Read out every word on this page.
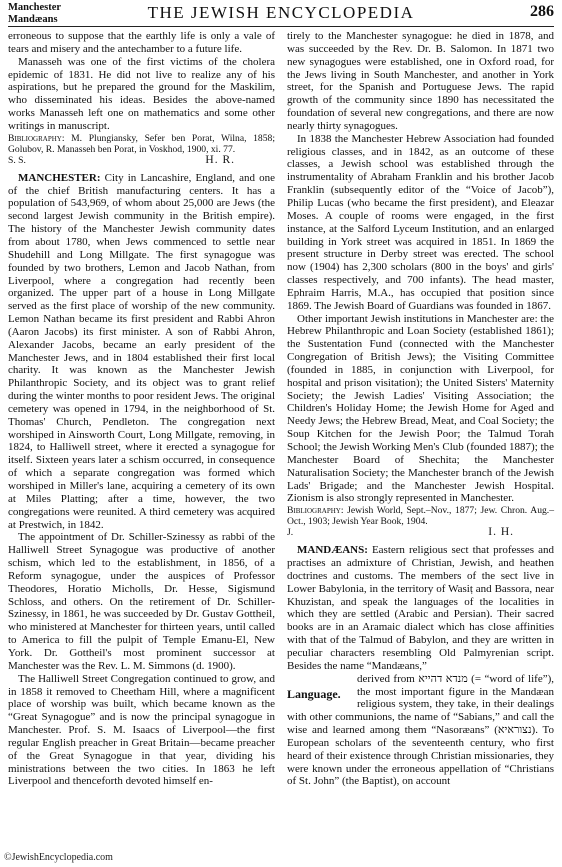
Manchester
Mandæans	THE JEWISH ENCYCLOPEDIA	286

erroneous to suppose that the earthly life is only a vale of tears and misery and the antechamber to a future life.

Manasseh was one of the first victims of the cholera epidemic of 1831. He did not live to realize any of his aspirations, but he prepared the ground for the Maskilim, who disseminated his ideas. Besides the above-named works Manasseh left one on mathematics and some other writings in manuscript.

Bibliography: M. Plungiansky, Sefer ben Porat, Wilna, 1858; Golubov, R. Manasseh ben Porat, in Voskhod, 1900, xi. 77.

S. S.	H. R.

MANCHESTER: City in Lancashire, England, and one of the chief British manufacturing centers. It has a population of 543,969, of whom about 25,000 are Jews (the second largest Jewish community in the British empire). The history of the Manchester Jewish community dates from about 1780, when Jews commenced to settle near Shudehill and Long Millgate. The first synagogue was founded by two brothers, Lemon and Jacob Nathan, from Liverpool, where a congregation had recently been organized. The upper part of a house in Long Millgate served as the first place of worship of the new community. Lemon Nathan became its first president and Rabbi Ahron (Aaron Jacobs) its first minister. A son of Rabbi Ahron, Alexander Jacobs, became an early president of the Manchester Jews, and in 1804 established their first local charity. It was known as the Manchester Jewish Philanthropic Society, and its object was to grant relief during the winter months to poor resident Jews. The original cemetery was opened in 1794, in the neighborhood of St. Thomas' Church, Pendleton. The congregation next worshiped in Ainsworth Court, Long Millgate, removing, in 1824, to Halliwell street, where it erected a synagogue for itself. Sixteen years later a schism occurred, in consequence of which a separate congregation was formed which worshiped in Miller's lane, acquiring a cemetery of its own at Miles Platting; after a time, however, the two congregations were reunited. A third cemetery was acquired at Prestwich, in 1842.

The appointment of Dr. Schiller-Szinessy as rabbi of the Halliwell Street Synagogue was productive of another schism, which led to the establishment, in 1856, of a Reform synagogue, under the auspices of Professor Theodores, Horatio Micholls, Dr. Hesse, Sigismund Schloss, and others. On the retirement of Dr. Schiller-Szinessy, in 1861, he was succeeded by Dr. Gustav Gottheil, who ministered at Manchester for thirteen years, until called to America to fill the pulpit of Temple Emanu-El, New York. Dr. Gottheil's most prominent successor at Manchester was the Rev. L. M. Simmons (d. 1900).

The Halliwell Street Congregation continued to grow, and in 1858 it removed to Cheetham Hill, where a magnificent place of worship was built, which became known as the “Great Synagogue” and is now the principal synagogue in Manchester. Prof. S. M. Isaacs of Liverpool—the first regular English preacher in Great Britain—became preacher of the Great Synagogue in that year, dividing his ministrations between the two cities. In 1863 he left Liverpool and thenceforth devoted himself en-

tirely to the Manchester synagogue: he died in 1878, and was succeeded by the Rev. Dr. B. Salomon. In 1871 two new synagogues were established, one in Oxford road, for the Jews living in South Manchester, and another in York street, for the Spanish and Portuguese Jews. The rapid growth of the community since 1890 has necessitated the foundation of several new congregations, and there are now nearly thirty synagogues.

In 1838 the Manchester Hebrew Association had founded religious classes, and in 1842, as an outcome of these classes, a Jewish school was established through the instrumentality of Abraham Franklin and his brother Jacob Franklin (subsequently editor of the “Voice of Jacob”), Philip Lucas (who became the first president), and Eleazar Moses. A couple of rooms were engaged, in the first instance, at the Salford Lyceum Institution, and an enlarged building in York street was acquired in 1851. In 1869 the present structure in Derby street was erected. The school now (1904) has 2,300 scholars (800 in the boys' and girls' classes respectively, and 700 infants). The head master, Ephraim Harris, M.A., has occupied that position since 1869. The Jewish Board of Guardians was founded in 1867.

Other important Jewish institutions in Manchester are: the Hebrew Philanthropic and Loan Society (established 1861); the Sustentation Fund (connected with the Manchester Congregation of British Jews); the Visiting Committee (founded in 1885, in conjunction with Liverpool, for hospital and prison visitation); the United Sisters' Maternity Society; the Jewish Ladies' Visiting Association; the Children's Holiday Home; the Jewish Home for Aged and Needy Jews; the Hebrew Bread, Meat, and Coal Society; the Soup Kitchen for the Jewish Poor; the Talmud Torah School; the Jewish Working Men's Club (founded 1887); the Manchester Board of Shechita; the Manchester Naturalisation Society; the Manchester branch of the Jewish Lads' Brigade; and the Manchester Jewish Hospital. Zionism is also strongly represented in Manchester.

Bibliography: Jewish World, Sept.–Nov., 1877; Jew. Chron. Aug.–Oct., 1903; Jewish Year Book, 1904.

J.	I. H.

MANDÆANS: Eastern religious sect that professes and practises an admixture of Christian, Jewish, and heathen doctrines and customs. The members of the sect live in Lower Babylonia, in the territory of Wasiṭ and Bassora, near Khuzistan, and speak the languages of the localities in which they are settled (Arabic and Persian). Their sacred books are in an Aramaic dialect which has close affinities with that of the Talmud of Babylon, and they are written in peculiar characters resembling Old Palmyrenian script. Besides the name “Mandæans,”

Language.
derived from מנדא דהייא (= “word of life”), the most important figure in the Mandæan religious system, they take, in their dealings with other communions, the name of “Sabians,” and call the wise and learned among them “Nasoræans” (נצוראיא). To European scholars of the seventeenth century, who first heard of their existence through Christian missionaries, they were known under the erroneous appellation of “Christians of St. John” (the Baptist), on account

©JewishEncyclopedia.com
